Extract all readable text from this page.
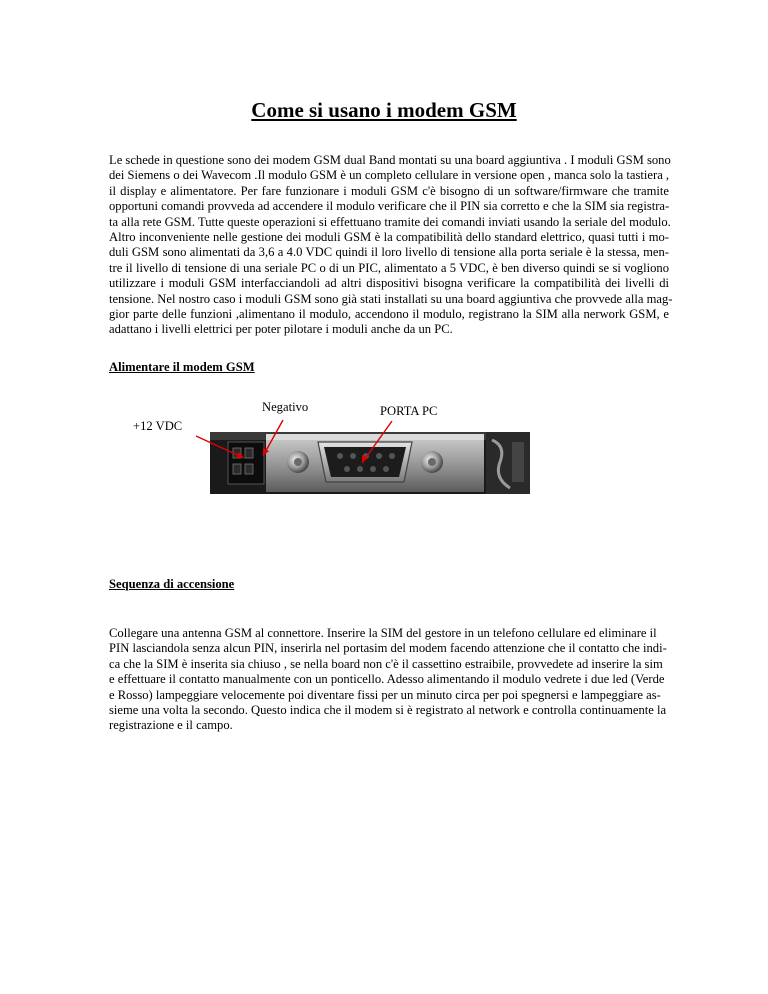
Come si usano i modem GSM
Le schede in questione sono dei modem GSM dual Band montati su una board aggiuntiva . I moduli GSM sono
dei Siemens o dei Wavecom .Il modulo GSM è un completo cellulare in versione open , manca solo la tastiera ,
il display e alimentatore. Per fare funzionare i moduli GSM c'è bisogno di un software/firmware che tramite
opportuni comandi provveda ad accendere il modulo verificare che il PIN sia corretto e che la SIM sia registra-
ta alla rete GSM. Tutte queste operazioni si effettuano tramite dei comandi inviati usando la seriale del modulo.
Altro inconveniente nelle gestione dei moduli GSM è la compatibilità dello standard elettrico, quasi tutti i mo-
duli GSM sono alimentati da 3,6 a 4.0 VDC quindi il loro livello di tensione alla porta seriale è la stessa, men-
tre il livello di tensione di una seriale PC o di un PIC, alimentato a 5 VDC, è ben diverso quindi se si vogliono
utilizzare i moduli GSM interfacciandoli ad altri dispositivi bisogna verificare la compatibilità dei livelli di
tensione. Nel nostro caso i moduli GSM sono già stati installati su una board aggiuntiva che provvede alla mag-
gior parte delle funzioni ,alimentano il modulo, accendono il modulo, registrano la SIM alla nerwork GSM, e
adattano i livelli elettrici per poter pilotare i moduli anche da un PC.

Alimentare il modem GSM

Negativo	PORTA PC

+12 VDC

Sequenza di accensione

Collegare una antenna GSM al connettore. Inserire la SIM del gestore in un telefono cellulare ed eliminare il
PIN lasciandola senza alcun PIN, inserirla nel portasim del modem facendo attenzione che il contatto che indi-
ca che la SIM è inserita sia chiuso , se nella board non c'è il cassettino estraibile, provvedete ad inserire la sim
e effettuare il contatto manualmente con un ponticello. Adesso alimentando il modulo vedrete i due led (Verde
e Rosso) lampeggiare velocemente poi diventare fissi per un minuto circa per poi spegnersi e lampeggiare as-
sieme una volta la secondo. Questo indica che il modem si è registrato al network e controlla continuamente la
registrazione e il campo.
